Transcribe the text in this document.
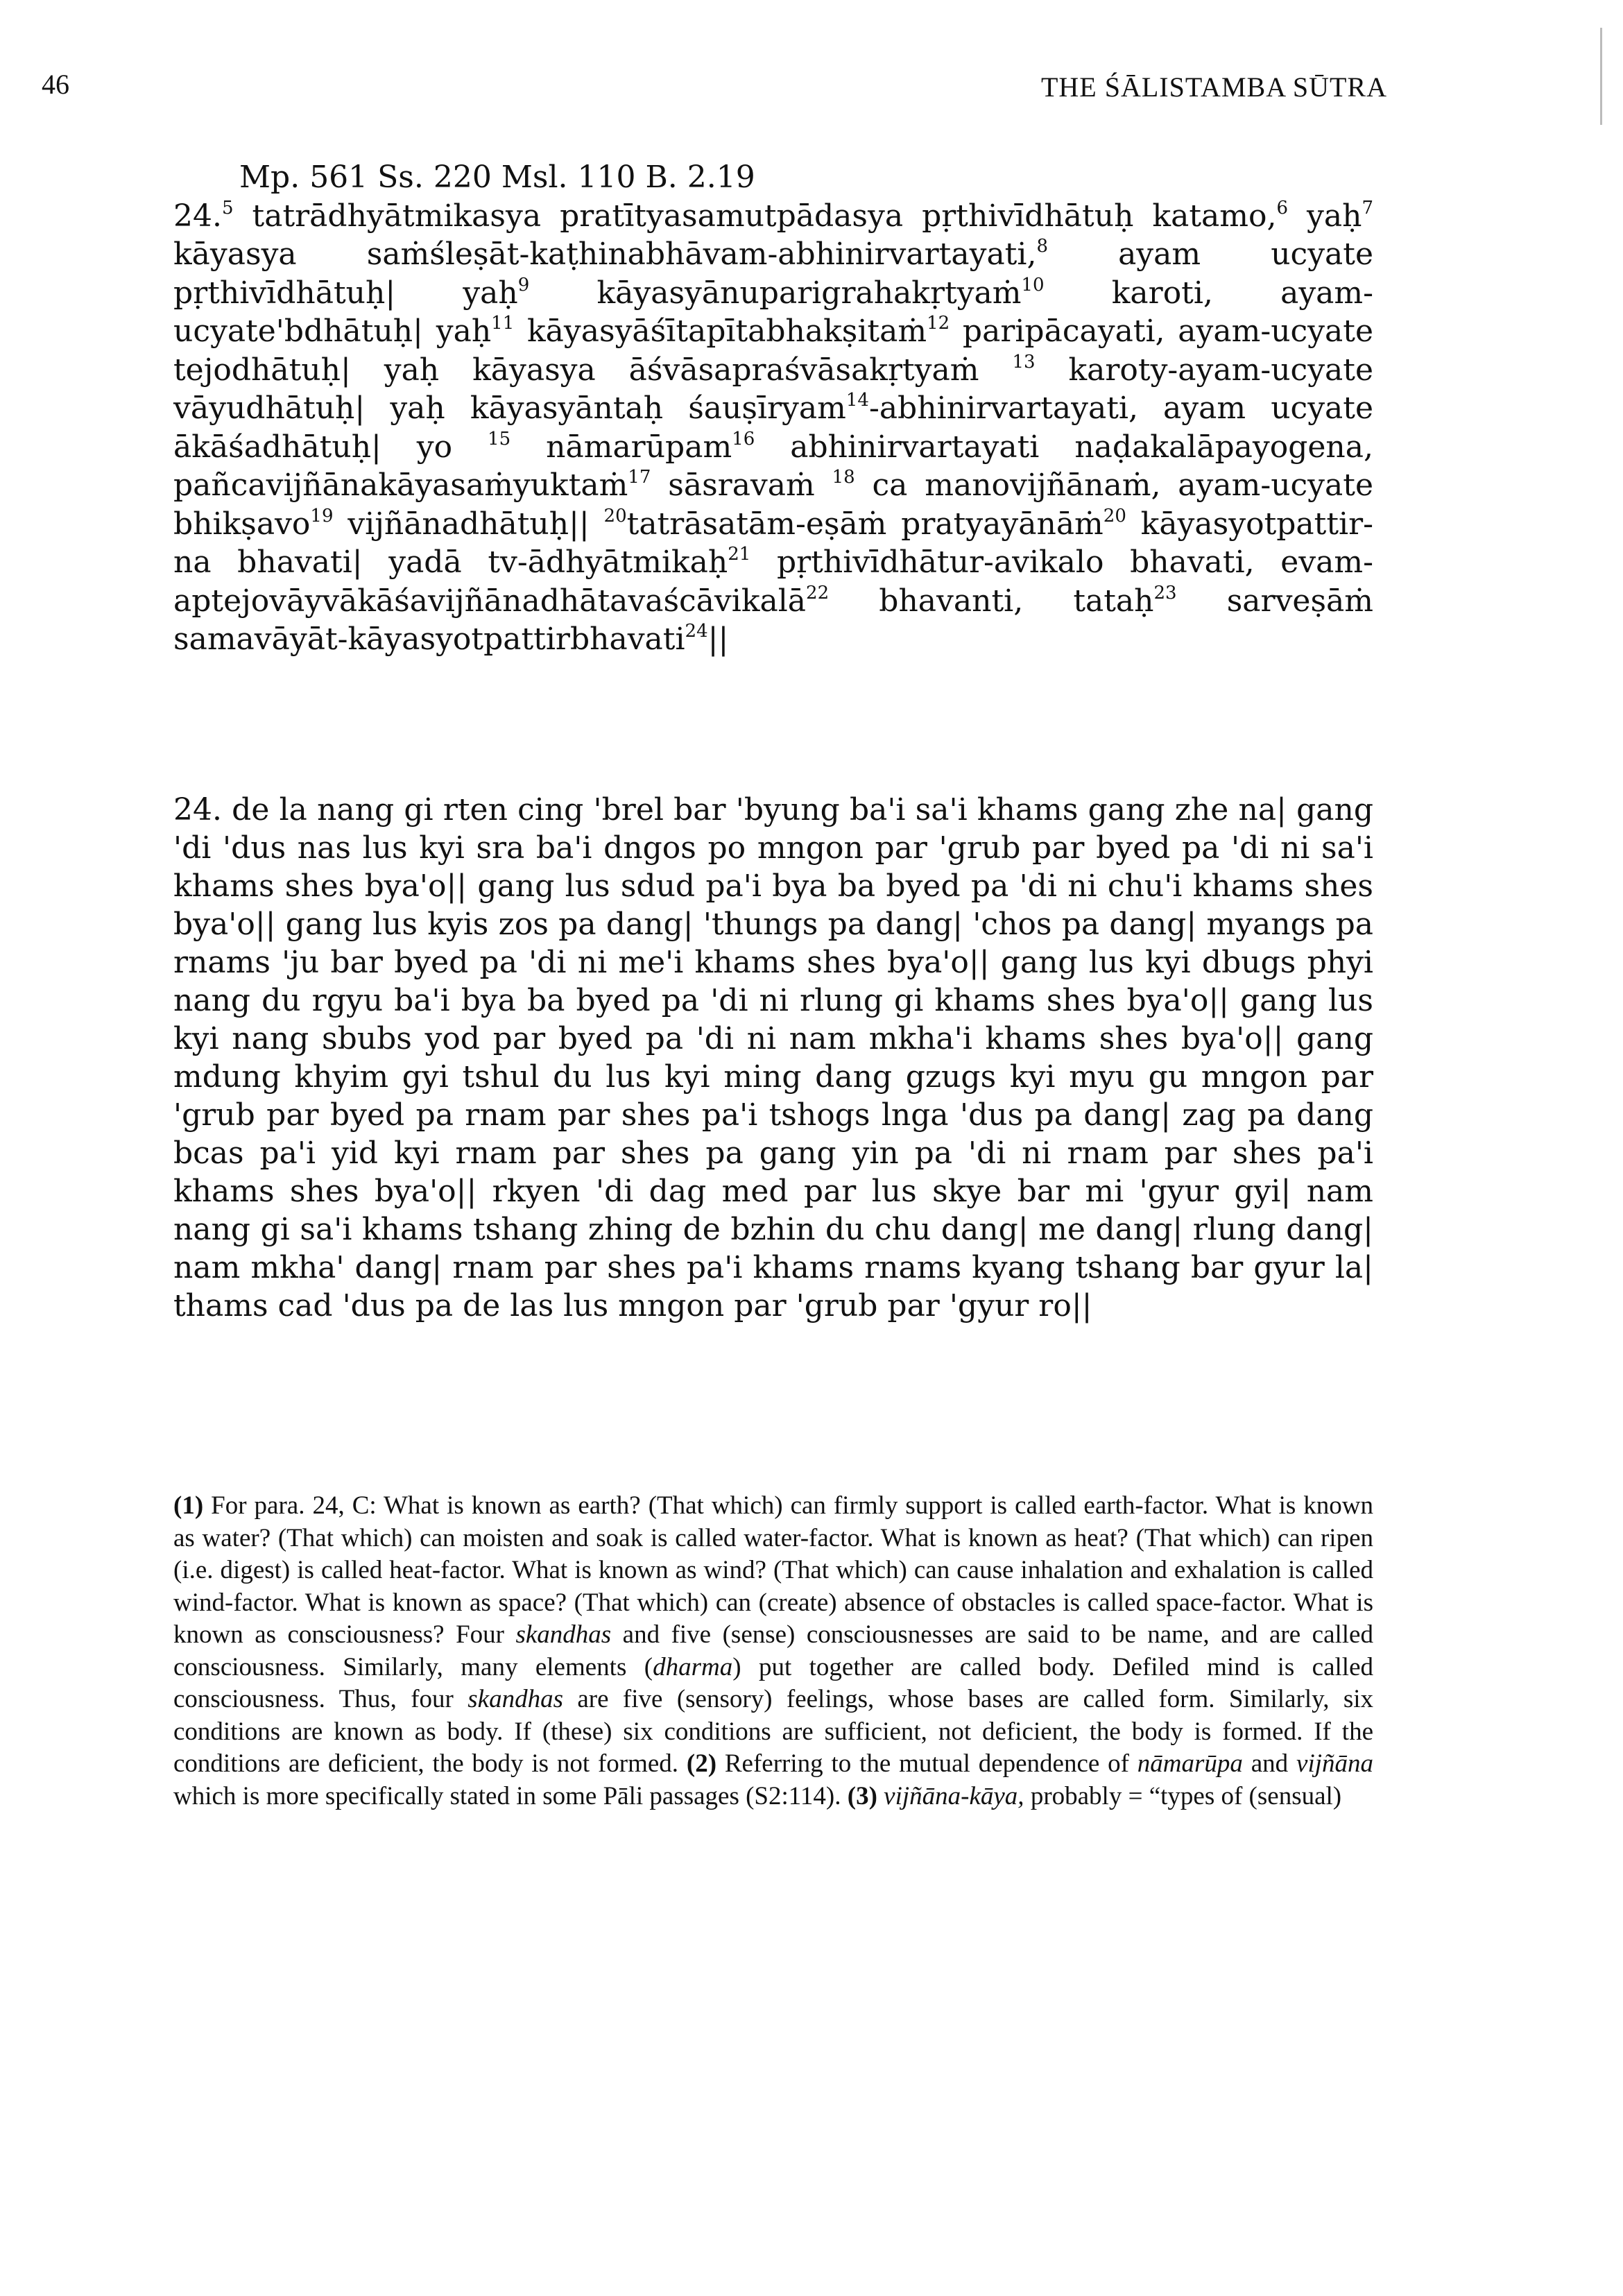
46	THE ŚĀLISTAMBA SŪTRA
Mp. 561 Ss. 220 Msl. 110 B. 2.19
24.$^5$ tatrādhyātmikasya pratītyasamutpādasya pṛthivīdhātuḥ katamo,$^6$ yaḥ$^7$ kāyasya saṁśleṣāt-kaṭhinabhāvam-abhinirvartayati,$^8$ ayam ucyate pṛthivīdhātuḥ| yaḥ$^9$ kāyasyānuparigrahakṛtyaṁ$^{10}$ karoti, ayam-ucyate'bdhātuḥ| yaḥ$^{11}$ kāyasyāśītapītabhakṣitaṁ$^{12}$ paripācayati, ayam-ucyate tejodhātuḥ| yaḥ kāyasya āśvāsapraśvāsakṛtyaṁ $^{13}$ karoty-ayam-ucyate vāyudhātuḥ| yaḥ kāyasyāntaḥ śauṣīryam$^{14}$-abhinirvartayati, ayam ucyate ākāśadhātuḥ| yo $^{15}$ nāmarūpam$^{16}$ abhinirvartayati naḍakalāpayogena, pañcavijñānakāyasaṁyuktaṁ$^{17}$ sāsravaṁ $^{18}$ ca manovijñānaṁ, ayam-ucyate bhikṣavo$^{19}$ vijñānadhātuḥ|| $^{20}$tatrāsatām-eṣāṁ pratyayānāṁ$^{20}$ kāyasyotpattir-na bhavati| yadā tv-ādhyātmikaḥ$^{21}$ pṛthivīdhātur-avikalo bhavati, evam-aptejovāyvākāśavijñānadhātavaścāvikalā$^{22}$ bhavanti, tataḥ$^{23}$ sarveṣāṁ samavāyāt-kāyasyotpattirbhavati$^{24}$||
24. de la nang gi rten cing 'brel bar 'byung ba'i sa'i khams gang zhe na| gang 'di 'dus nas lus kyi sra ba'i dngos po mngon par 'grub par byed pa 'di ni sa'i khams shes bya'o|| gang lus sdud pa'i bya ba byed pa 'di ni chu'i khams shes bya'o|| gang lus kyis zos pa dang| 'thungs pa dang| 'chos pa dang| myangs pa rnams 'ju bar byed pa 'di ni me'i khams shes bya'o|| gang lus kyi dbugs phyi nang du rgyu ba'i bya ba byed pa 'di ni rlung gi khams shes bya'o|| gang lus kyi nang sbubs yod par byed pa 'di ni nam mkha'i khams shes bya'o|| gang mdung khyim gyi tshul du lus kyi ming dang gzugs kyi myu gu mngon par 'grub par byed pa rnam par shes pa'i tshogs lnga 'dus pa dang| zag pa dang bcas pa'i yid kyi rnam par shes pa gang yin pa 'di ni rnam par shes pa'i khams shes bya'o|| rkyen 'di dag med par lus skye bar mi 'gyur gyi| nam nang gi sa'i khams tshang zhing de bzhin du chu dang| me dang| rlung dang| nam mkha' dang| rnam par shes pa'i khams rnams kyang tshang bar gyur la| thams cad 'dus pa de las lus mngon par 'grub par 'gyur ro||
(1) For para. 24, C: What is known as earth? (That which) can firmly support is called earth-factor. What is known as water? (That which) can moisten and soak is called water-factor. What is known as heat? (That which) can ripen (i.e. digest) is called heat-factor. What is known as wind? (That which) can cause inhalation and exhalation is called wind-factor. What is known as space? (That which) can (create) absence of obstacles is called space-factor. What is known as consciousness? Four skandhas and five (sense) consciousnesses are said to be name, and are called consciousness. Similarly, many elements (dharma) put together are called body. Defiled mind is called consciousness. Thus, four skandhas are five (sensory) feelings, whose bases are called form. Similarly, six conditions are known as body. If (these) six conditions are sufficient, not deficient, the body is formed. If the conditions are deficient, the body is not formed. (2) Referring to the mutual dependence of nāmarūpa and vijñāna which is more specifically stated in some Pāli passages (S2:114). (3) vijñāna-kāya, probably = “types of (sensual)
